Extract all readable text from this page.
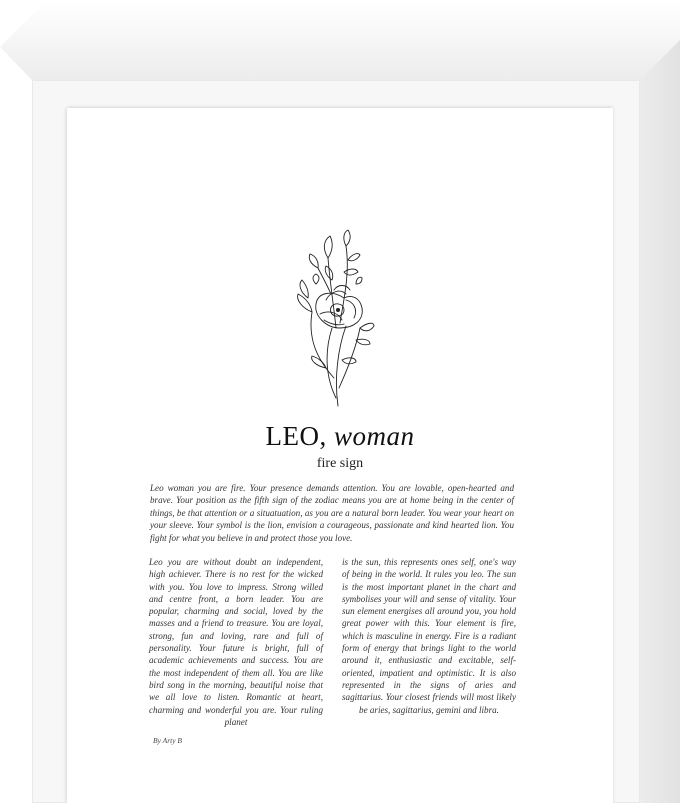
LEO, woman
fire sign

Leo woman you are fire. Your presence demands attention. You are lovable, open-hearted and brave. Your position as the fifth sign of the zodiac means you are at home being in the center of things, be that attention or a situatuation, as you are a natural born leader. You wear your heart on your sleeve. Your symbol is the lion, envision a courageous, passionate and kind hearted lion. You fight for what you believe in and protect those you love.

Leo you are without doubt an independent, high achiever. There is no rest for the wicked with you. You love to impress. Strong willed and centre front, a born leader. You are popular, charming and social, loved by the masses and a friend to treasure. You are loyal, strong, fun and loving, rare and full of personality. Your future is bright, full of academic achievements and success. You are the most independent of them all. You are like bird song in the morning, beautiful noise that we all love to listen. Romantic at heart, charming and wonderful you are. Your ruling planet

is the sun, this represents ones self, one's way of being in the world. It rules you leo. The sun is the most important planet in the chart and symbolises your will and sense of vitality. Your sun element energises all around you, you hold great power with this. Your element is fire, which is masculine in energy. Fire is a radiant form of energy that brings light to the world around it, enthusiastic and excitable, self-oriented, impatient and optimistic. It is also represented in the signs of aries and sagittarius. Your closest friends will most likely be aries, sagittarius, gemini and libra.

By Arty B
